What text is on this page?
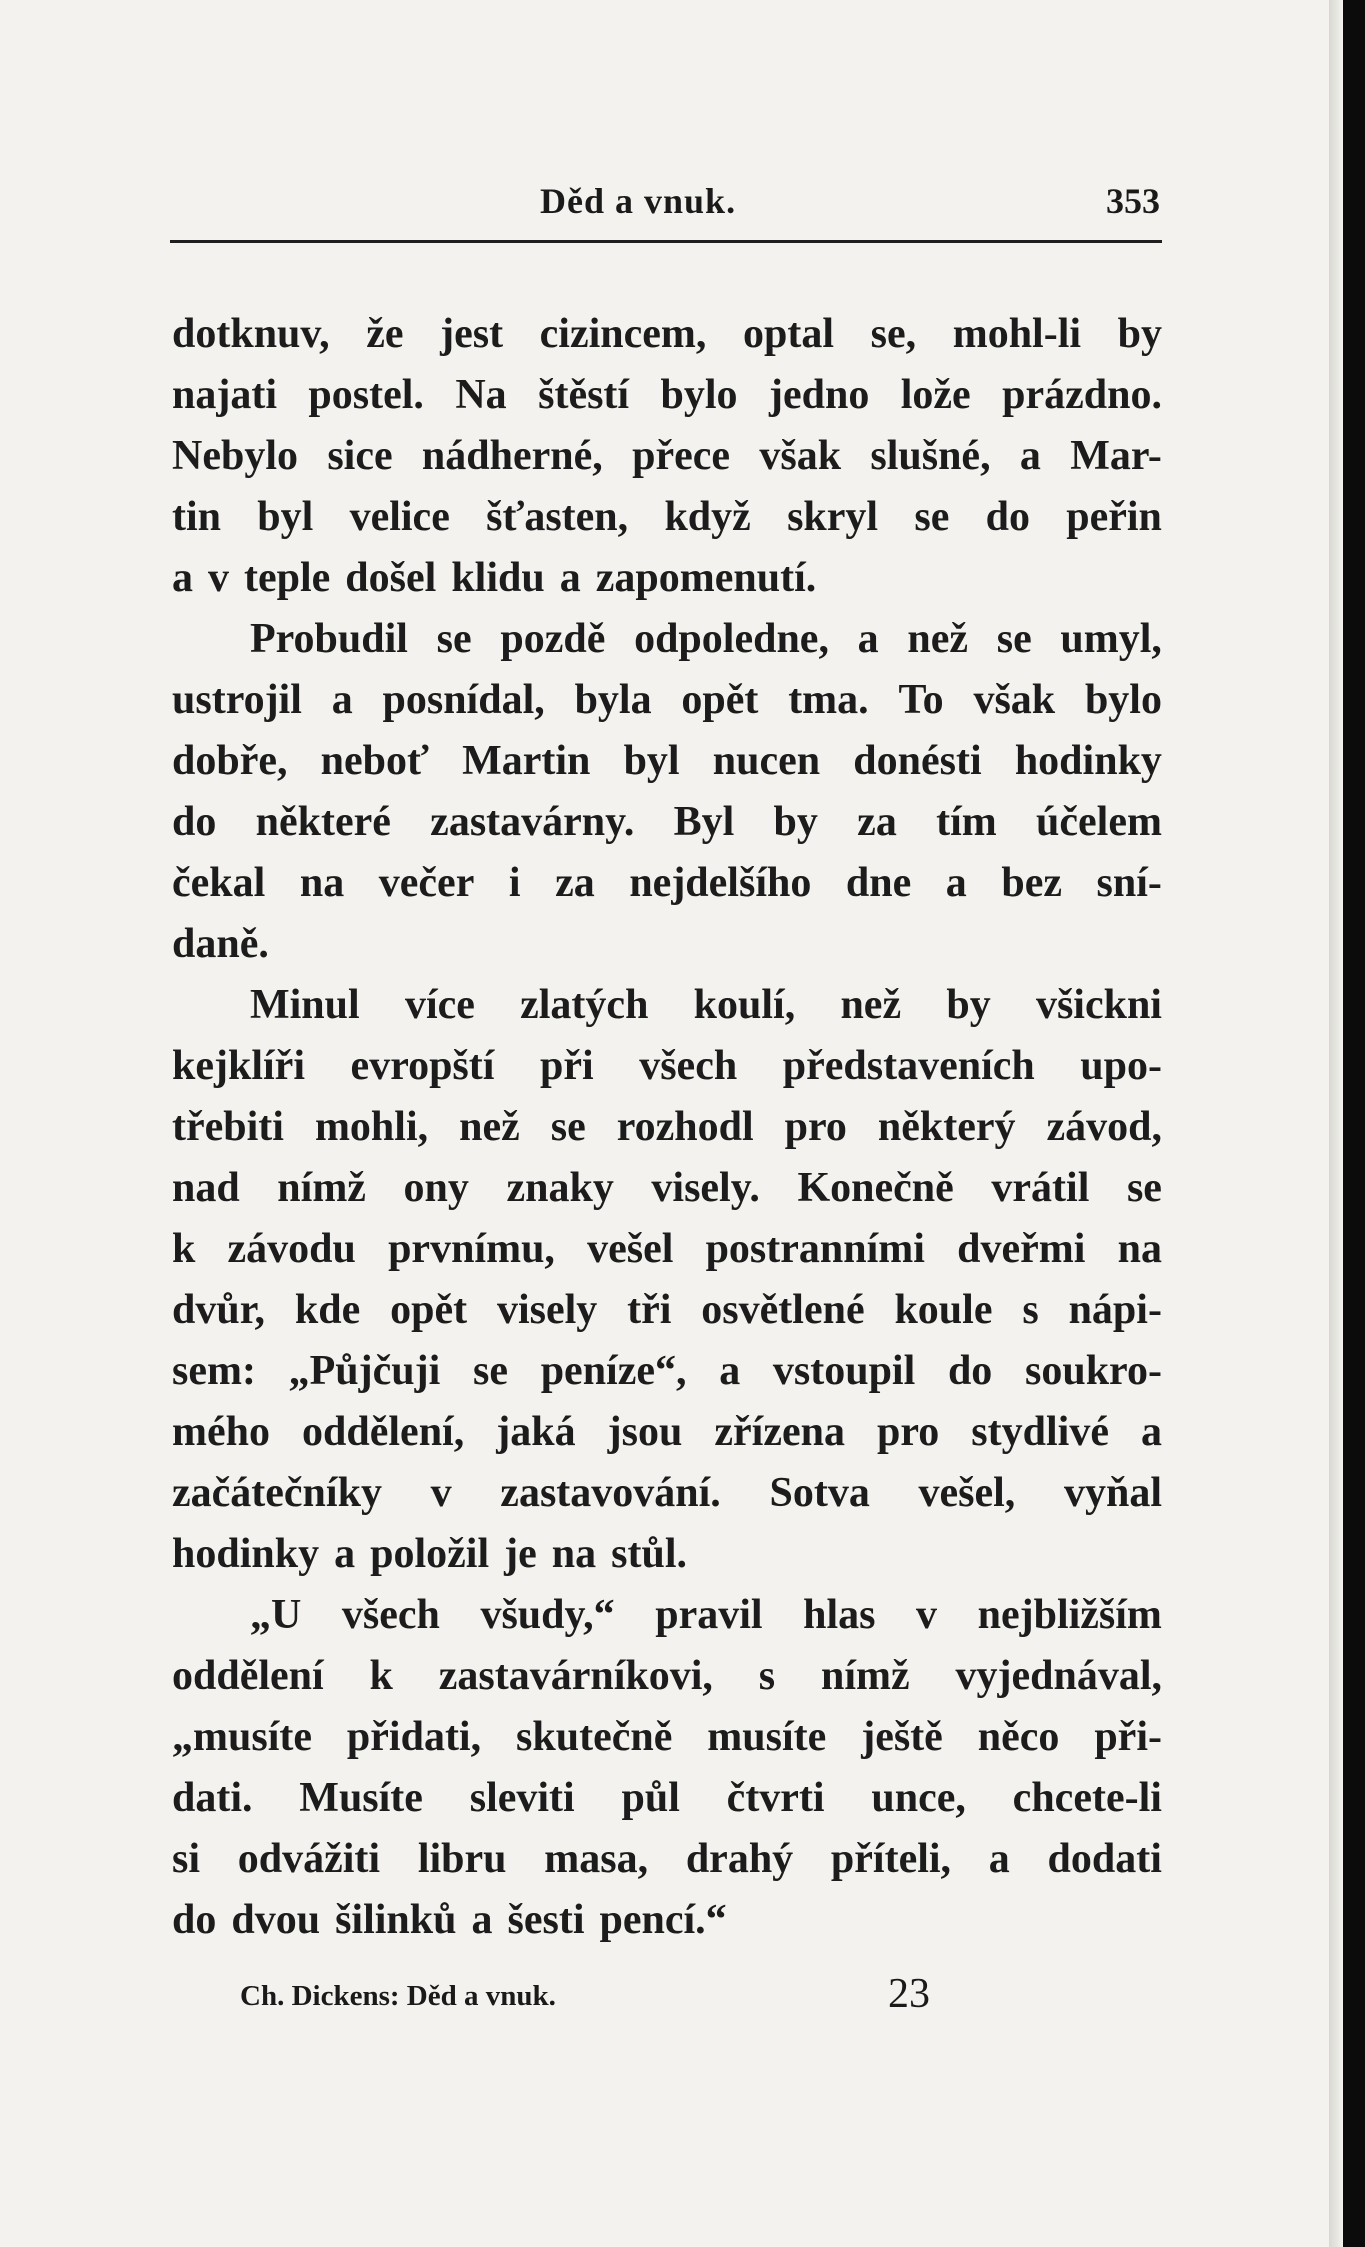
Děd a vnuk.	353
dotknuv, že jest cizincem, optal se, mohl-li by
najati postel. Na štěstí bylo jedno lože prázdno.
Nebylo sice nádherné, přece však slušné, a Mar-
tin byl velice šťasten, když skryl se do peřin
a v teple došel klidu a zapomenutí.
Probudil se pozdě odpoledne, a než se umyl,
ustrojil a posnídal, byla opět tma. To však bylo
dobře, neboť Martin byl nucen donésti hodinky
do některé zastavárny. Byl by za tím účelem
čekal na večer i za nejdelšího dne a bez sní-
daně.
Minul více zlatých koulí, než by všickni
kejklíři evropští při všech představeních upo-
třebiti mohli, než se rozhodl pro některý závod,
nad nímž ony znaky visely. Konečně vrátil se
k závodu prvnímu, vešel postranními dveřmi na
dvůr, kde opět visely tři osvětlené koule s nápi-
sem: „Půjčuji se peníze“, a vstoupil do soukro-
mého oddělení, jaká jsou zřízena pro stydlivé a
začátečníky v zastavování. Sotva vešel, vyňal
hodinky a položil je na stůl.
„U všech všudy,“ pravil hlas v nejbližším
oddělení k zastavárníkovi, s nímž vyjednával,
„musíte přidati, skutečně musíte ještě něco při-
dati. Musíte sleviti půl čtvrti unce, chcete-li
si odvážiti libru masa, drahý příteli, a dodati
do dvou šilinků a šesti pencí.“
Ch. Dickens: Děd a vnuk.	23
